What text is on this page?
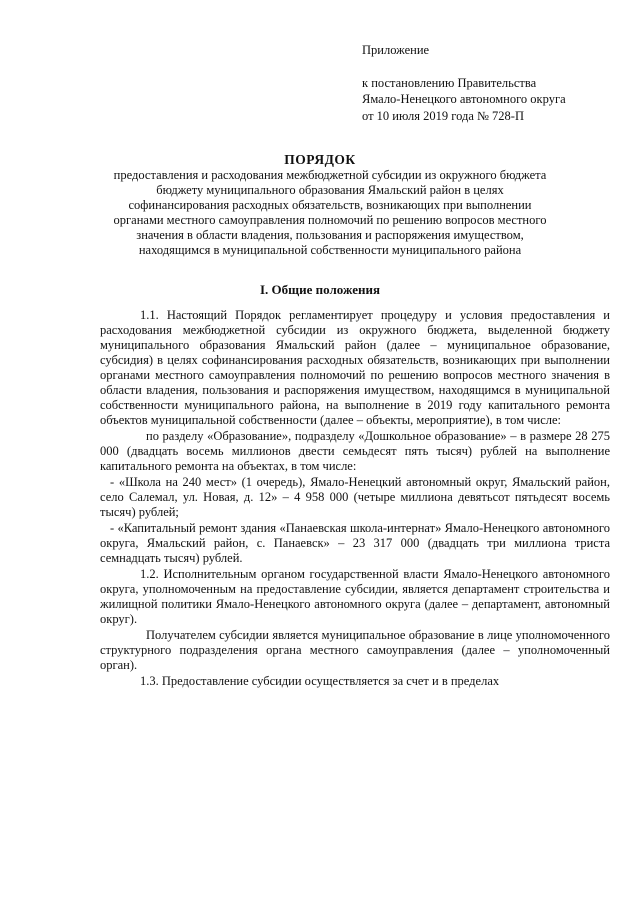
Приложение
к постановлению Правительства
Ямало-Ненецкого автономного округа
от 10 июля 2019 года № 728-П
ПОРЯДОК
предоставления и расходования межбюджетной субсидии из окружного бюджета бюджету муниципального образования Ямальский район в целях софинансирования расходных обязательств, возникающих при выполнении органами местного самоуправления полномочий по решению вопросов местного значения в области владения, пользования и распоряжения имуществом, находящимся в муниципальной собственности муниципального района
I. Общие положения

1.1. Настоящий Порядок регламентирует процедуру и условия предоставления и расходования межбюджетной субсидии из окружного бюджета, выделенной бюджету муниципального образования Ямальский район (далее – муниципальное образование, субсидия) в целях софинансирования расходных обязательств, возникающих при выполнении органами местного самоуправления полномочий по решению вопросов местного значения в области владения, пользования и распоряжения имуществом, находящимся в муниципальной собственности муниципального района, на выполнение в 2019 году капитального ремонта объектов муниципальной собственности (далее – объекты, мероприятие), в том числе:

по разделу «Образование», подразделу «Дошкольное образование» – в размере 28 275 000 (двадцать восемь миллионов двести семьдесят пять тысяч) рублей на выполнение капитального ремонта на объектах, в том числе:

- «Школа на 240 мест» (1 очередь), Ямало-Ненецкий автономный округ, Ямальский район, село Салемал, ул. Новая, д. 12» – 4 958 000 (четыре миллиона девятьсот пятьдесят восемь тысяч) рублей;

- «Капитальный ремонт здания «Панаевская школа-интернат» Ямало-Ненецкого автономного округа, Ямальский район, с. Панаевск» – 23 317 000 (двадцать три миллиона триста семнадцать тысяч) рублей.

1.2. Исполнительным органом государственной власти Ямало-Ненецкого автономного округа, уполномоченным на предоставление субсидии, является департамент строительства и жилищной политики Ямало-Ненецкого автономного округа (далее – департамент, автономный округ).

Получателем субсидии является муниципальное образование в лице уполномоченного структурного подразделения органа местного самоуправления (далее – уполномоченный орган).

1.3. Предоставление субсидии осуществляется за счет и в пределах
